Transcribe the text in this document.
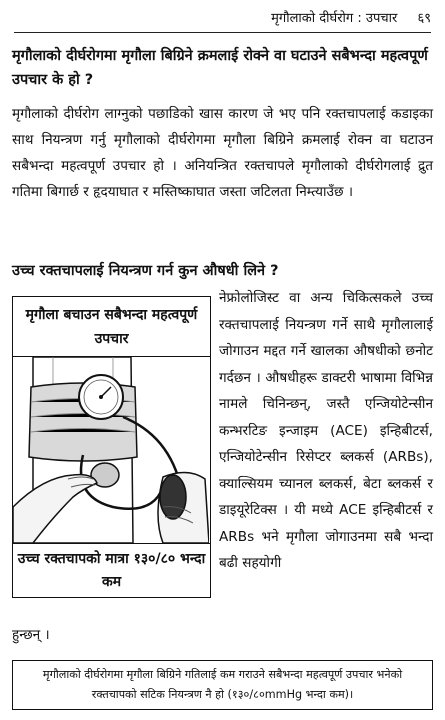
मृगौलाको दीर्घरोग : उपचार ६९
मृगौलाको दीर्घरोगमा मृगौला बिग्रिने क्रमलाई रोक्ने वा घटाउने सबैभन्दा महत्वपूर्ण उपचार के हो ?
मृगौलाको दीर्घरोग लाग्नुको पछाडिको खास कारण जे भए पनि रक्तचापलाई कडाइका साथ नियन्त्रण गर्नु मृगौलाको दीर्घरोगमा मृगौला बिग्रिने क्रमलाई रोक्न वा घटाउन सबैभन्दा महत्वपूर्ण उपचार हो । अनियन्त्रित रक्तचापले मृगौलाको दीर्घरोगलाई द्रुत गतिमा बिगार्छ र हृदयाघात र मस्तिष्काघात जस्ता जटिलता निम्त्याउँछ ।
उच्च रक्तचापलाई नियन्त्रण गर्न कुन औषधी लिने ?
मृगौला बचाउन सबैभन्दा महत्वपूर्ण उपचार
उच्च रक्तचापको मात्रा १३०/८० भन्दा कम
नेफ्रोलोजिस्ट वा अन्य चिकित्सकले उच्च रक्तचापलाई नियन्त्रण गर्ने साथै मृगौलालाई जोगाउन मद्दत गर्ने खालका औषधीको छनोट गर्दछन । औषधीहरू डाक्टरी भाषामा विभिन्न नामले चिनिन्छन्, जस्तै एन्जियोटेन्सीन कन्भरटिङ इन्जाइम (ACE) इन्हिबीटर्स, एन्जियोटेन्सीन रिसेप्टर ब्लकर्स (ARBs), क्याल्सियम च्यानल ब्लकर्स, बेटा ब्लकर्स र डाइयूरेटिक्स । यी मध्ये ACE इन्हिबीटर्स र ARBs भने मृगौला जोगाउनमा सबै भन्दा बढी सहयोगी
हुन्छन् ।
मृगौलाको दीर्घरोगमा मृगौला बिग्रिने गतिलाई कम गराउने सबैभन्दा महत्वपूर्ण उपचार भनेको रक्तचापको सटिक नियन्त्रण नै हो (१३०/८०mmHg भन्दा कम)।
